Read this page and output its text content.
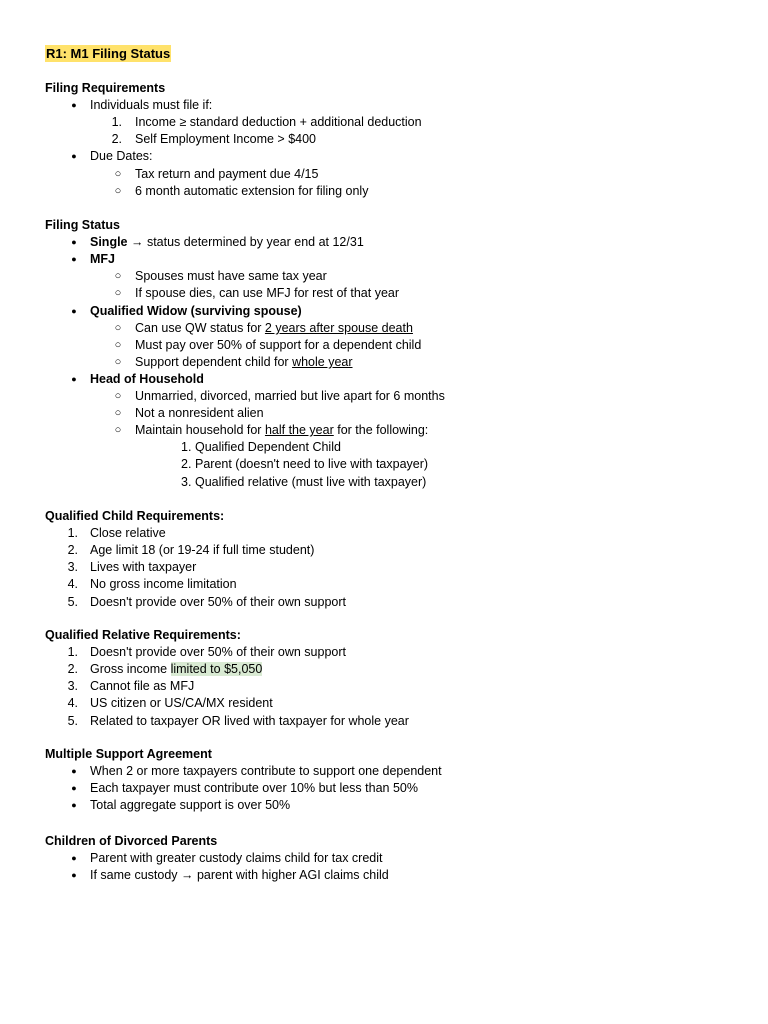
R1: M1 Filing Status
Filing Requirements
●	Individuals must file if:
1. Income ≥ standard deduction + additional deduction
2. Self Employment Income > $400
●	Due Dates:
○	Tax return and payment due 4/15
○	6 month automatic extension for filing only
Filing Status
●	Single → status determined by year end at 12/31
●	MFJ
○	Spouses must have same tax year
○	If spouse dies, can use MFJ for rest of that year
●	Qualified Widow (surviving spouse)
○	Can use QW status for 2 years after spouse death
○	Must pay over 50% of support for a dependent child
○	Support dependent child for whole year
●	Head of Household
○	Unmarried, divorced, married but live apart for 6 months
○	Not a nonresident alien
○	Maintain household for half the year for the following:
1. Qualified Dependent Child
2. Parent (doesn't need to live with taxpayer)
3. Qualified relative (must live with taxpayer)
Qualified Child Requirements:
1. Close relative
2. Age limit 18 (or 19-24 if full time student)
3. Lives with taxpayer
4. No gross income limitation
5. Doesn't provide over 50% of their own support
Qualified Relative Requirements:
1. Doesn't provide over 50% of their own support
2. Gross income limited to $5,050
3. Cannot file as MFJ
4. US citizen or US/CA/MX resident
5. Related to taxpayer OR lived with taxpayer for whole year
Multiple Support Agreement
●	When 2 or more taxpayers contribute to support one dependent
●	Each taxpayer must contribute over 10% but less than 50%
●	Total aggregate support is over 50%
Children of Divorced Parents
●	Parent with greater custody claims child for tax credit
●	If same custody → parent with higher AGI claims child
